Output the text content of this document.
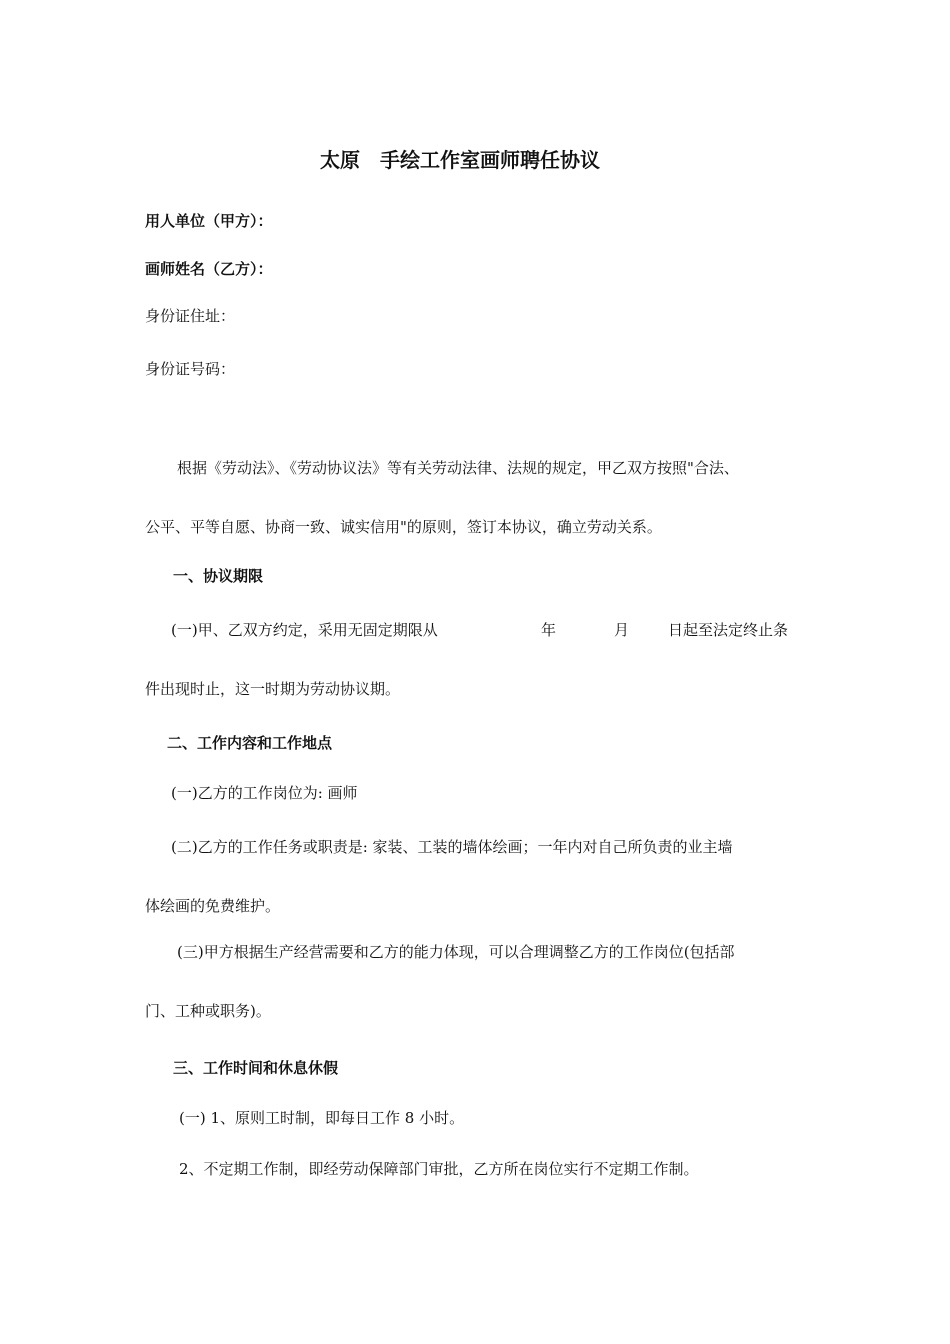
太原　手绘工作室画师聘任协议
用人单位（甲方）：
画师姓名（乙方）：
身份证住址：
身份证号码：
根据《劳动法》、《劳动协议法》等有关劳动法律、法规的规定，甲乙双方按照"合法、
公平、平等自愿、协商一致、诚实信用"的原则，签订本协议，确立劳动关系。
一、协议期限
(一)甲、乙双方约定，采用无固定期限从	年	月	日起至法定终止条
件出现时止，这一时期为劳动协议期。
二、工作内容和工作地点
(一)乙方的工作岗位为: 画师
(二)乙方的工作任务或职责是: 家装、工装的墙体绘画；一年内对自己所负责的业主墙
体绘画的免费维护。
(三)甲方根据生产经营需要和乙方的能力体现，可以合理调整乙方的工作岗位(包括部
门、工种或职务)。
三、工作时间和休息休假
(一) 1、原则工时制，即每日工作 8 小时。
2、不定期工作制，即经劳动保障部门审批，乙方所在岗位实行不定期工作制。
